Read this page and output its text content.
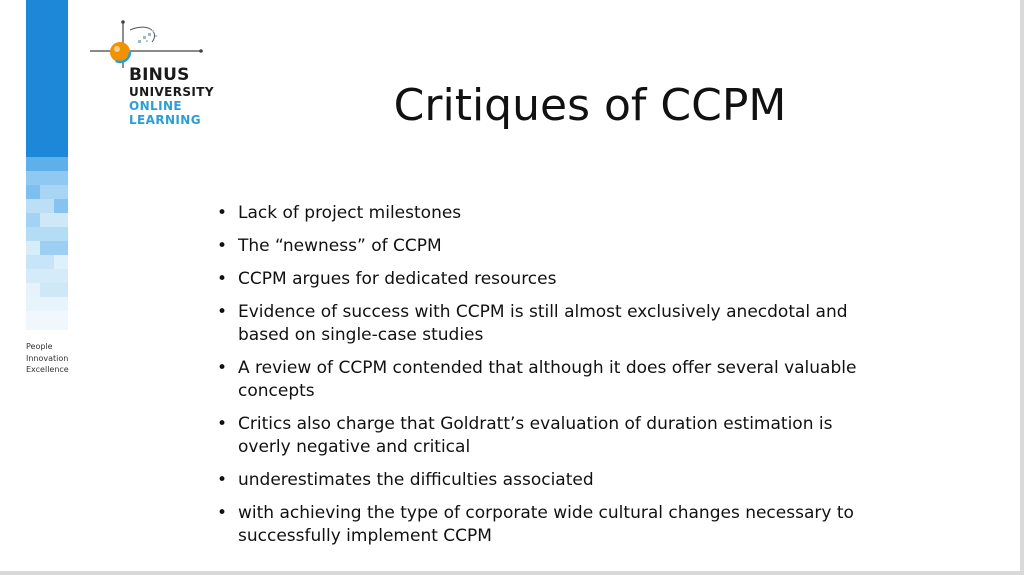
People
Innovation
Excellence
BINUS
UNIVERSITY
ONLINE
LEARNING	Critiques of CCPM
• Lack of project milestones
• The “newness” of CCPM
• CCPM argues for dedicated resources
• Evidence of success with CCPM is still almost exclusively anecdotal and based on single-case studies
• A review of CCPM contended that although it does offer several valuable concepts
• Critics also charge that Goldratt’s evaluation of duration estimation is overly negative and critical
• underestimates the difficulties associated
• with achieving the type of corporate wide cultural changes necessary to successfully implement CCPM
